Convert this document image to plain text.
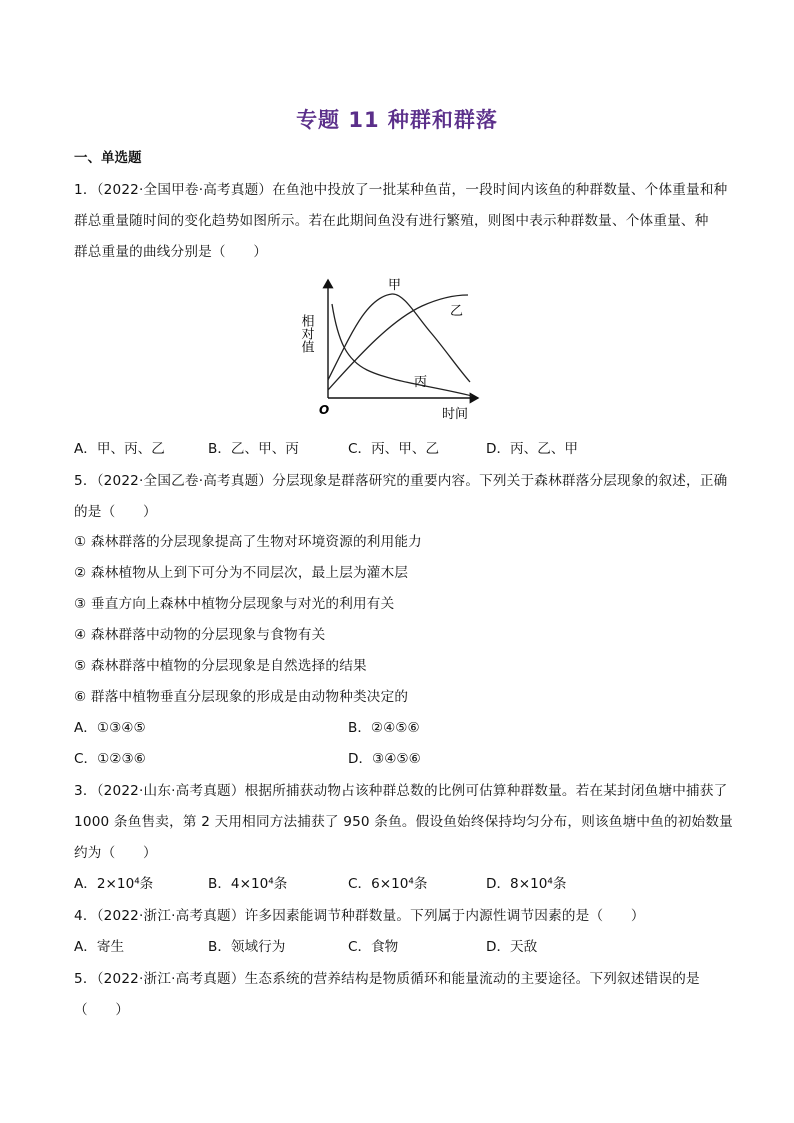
专题 11 种群和群落
一、单选题
1．（2022·全国甲卷·高考真题）在鱼池中投放了一批某种鱼苗，一段时间内该鱼的种群数量、个体重量和种
群总重量随时间的变化趋势如图所示。若在此期间鱼没有进行繁殖，则图中表示种群数量、个体重量、种
群总重量的曲线分别是（　　）
相对值
时间
O
甲
乙
丙
A．甲、丙、乙	B．乙、甲、丙	C．丙、甲、乙	D．丙、乙、甲
5．（2022·全国乙卷·高考真题）分层现象是群落研究的重要内容。下列关于森林群落分层现象的叙述，正确
的是（　　）
① 森林群落的分层现象提高了生物对环境资源的利用能力
② 森林植物从上到下可分为不同层次，最上层为灌木层
③ 垂直方向上森林中植物分层现象与对光的利用有关
④ 森林群落中动物的分层现象与食物有关
⑤ 森林群落中植物的分层现象是自然选择的结果
⑥ 群落中植物垂直分层现象的形成是由动物种类决定的
A．①③④⑤	B．②④⑤⑥
C．①②③⑥	D．③④⑤⑥
3．（2022·山东·高考真题）根据所捕获动物占该种群总数的比例可估算种群数量。若在某封闭鱼塘中捕获了
1000 条鱼售卖，第 2 天用相同方法捕获了 950 条鱼。假设鱼始终保持均匀分布，则该鱼塘中鱼的初始数量
约为（　　）
A．2×10⁴条	B．4×10⁴条	C．6×10⁴条	D．8×10⁴条
4．（2022·浙江·高考真题）许多因素能调节种群数量。下列属于内源性调节因素的是（　　）
A．寄生	B．领域行为	C．食物	D．天敌
5．（2022·浙江·高考真题）生态系统的营养结构是物质循环和能量流动的主要途径。下列叙述错误的是
（　　）
